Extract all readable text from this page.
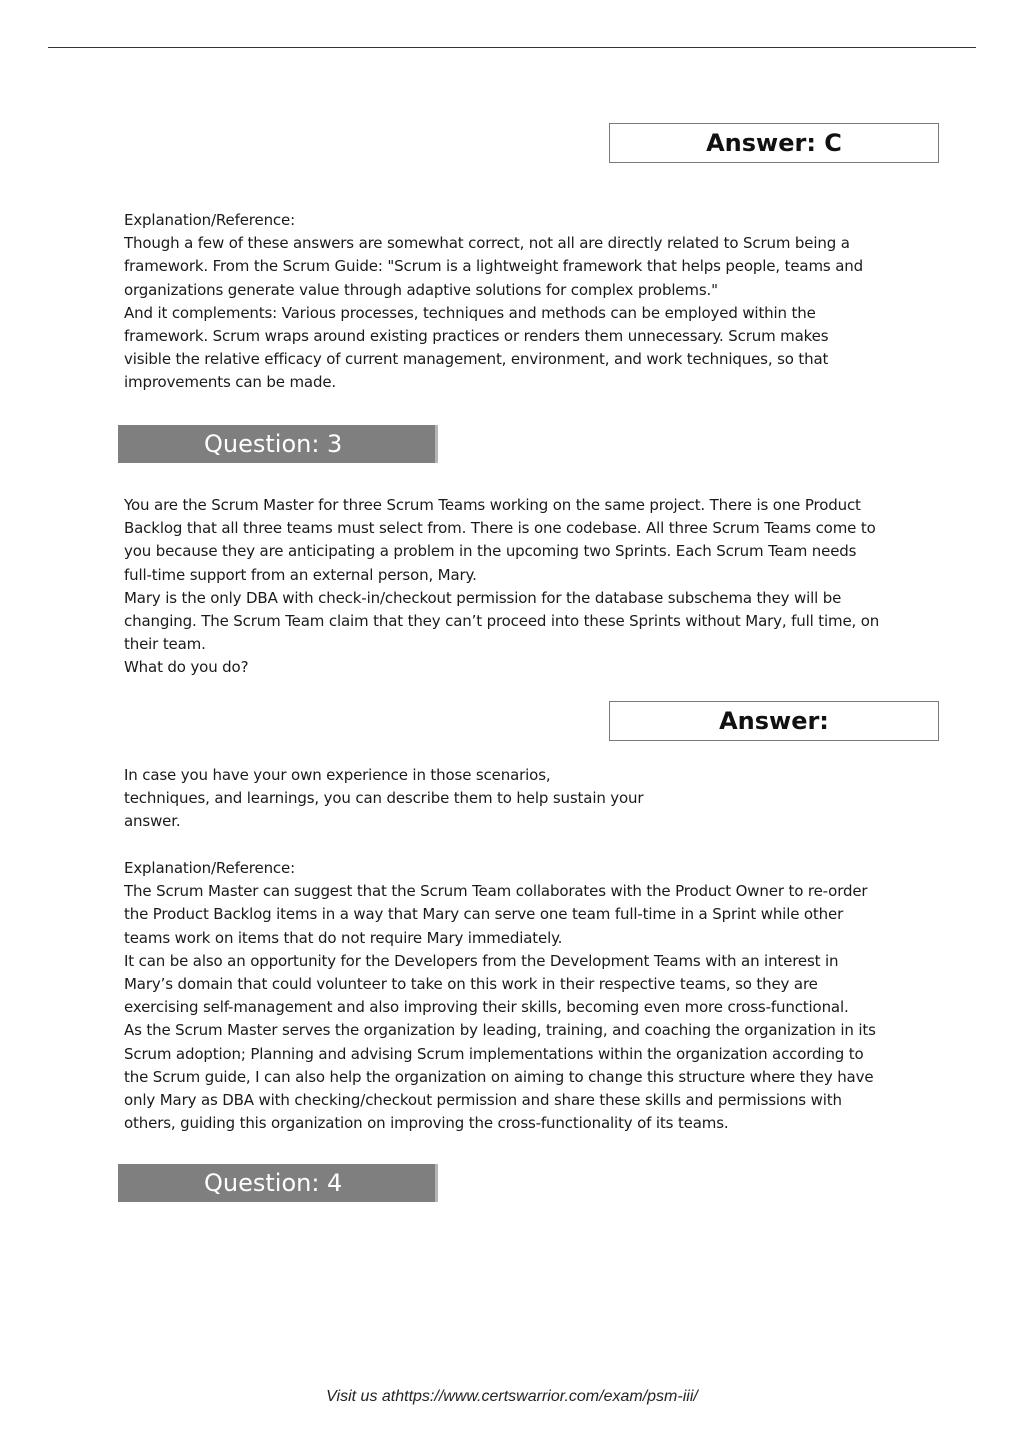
Answer: C

Explanation/Reference:

Though a few of these answers are somewhat correct, not all are directly related to Scrum being a

framework. From the Scrum Guide: "Scrum is a lightweight framework that helps people, teams and

organizations generate value through adaptive solutions for complex problems."

And it complements: Various processes, techniques and methods can be employed within the

framework. Scrum wraps around existing practices or renders them unnecessary. Scrum makes

visible the relative efficacy of current management, environment, and work techniques, so that

improvements can be made.

Question: 3

You are the Scrum Master for three Scrum Teams working on the same project. There is one Product

Backlog that all three teams must select from. There is one codebase. All three Scrum Teams come to

you because they are anticipating a problem in the upcoming two Sprints. Each Scrum Team needs

full-time support from an external person, Mary.

Mary is the only DBA with check-in/checkout permission for the database subschema they will be

changing. The Scrum Team claim that they can’t proceed into these Sprints without Mary, full time, on

their team.

What do you do?

Answer:

In case you have your own experience in those scenarios,

techniques, and learnings, you can describe them to help sustain your

answer.

Explanation/Reference:

The Scrum Master can suggest that the Scrum Team collaborates with the Product Owner to re-order

the Product Backlog items in a way that Mary can serve one team full-time in a Sprint while other

teams work on items that do not require Mary immediately.

It can be also an opportunity for the Developers from the Development Teams with an interest in

Mary’s domain that could volunteer to take on this work in their respective teams, so they are

exercising self-management and also improving their skills, becoming even more cross-functional.

As the Scrum Master serves the organization by leading, training, and coaching the organization in its

Scrum adoption; Planning and advising Scrum implementations within the organization according to

the Scrum guide, I can also help the organization on aiming to change this structure where they have

only Mary as DBA with checking/checkout permission and share these skills and permissions with

others, guiding this organization on improving the cross-functionality of its teams.

Question: 4
Visit us athttps://www.certswarrior.com/exam/psm-iii/
